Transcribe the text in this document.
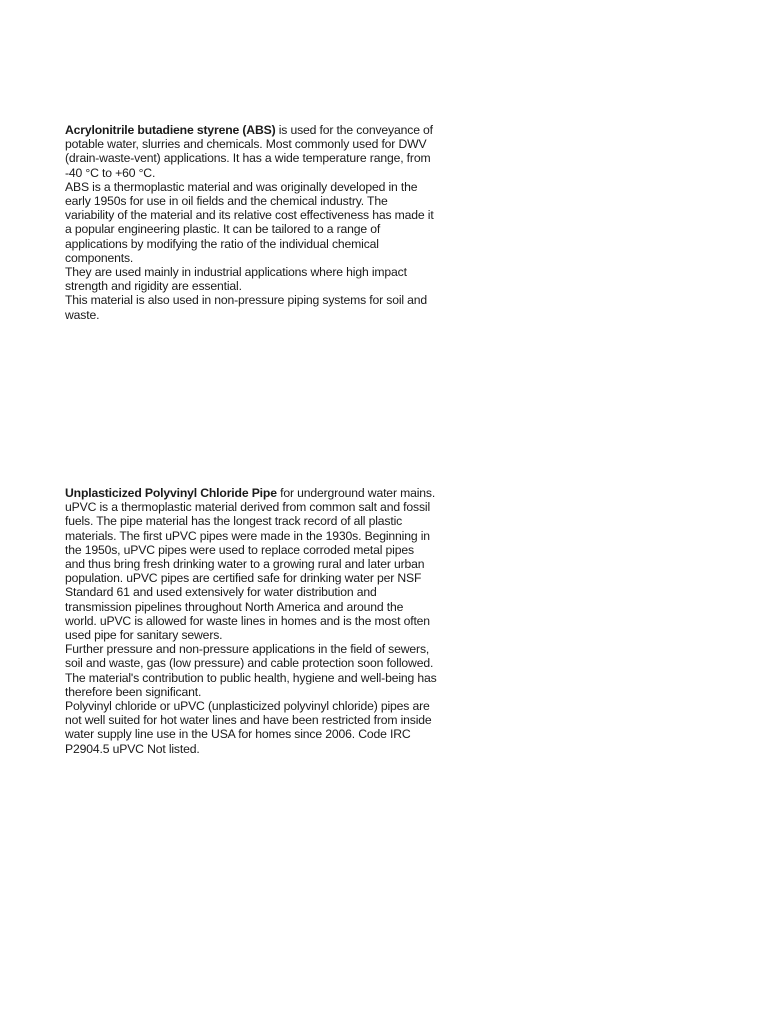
Acrylonitrile butadiene styrene (ABS) is used for the conveyance of potable water, slurries and chemicals. Most commonly used for DWV (drain-waste-vent) applications. It has a wide temperature range, from -40 °C to +60 °C.

ABS is a thermoplastic material and was originally developed in the early 1950s for use in oil fields and the chemical industry. The variability of the material and its relative cost effectiveness has made it a popular engineering plastic. It can be tailored to a range of applications by modifying the ratio of the individual chemical components.

They are used mainly in industrial applications where high impact strength and rigidity are essential.

This material is also used in non-pressure piping systems for soil and waste.

Unplasticized Polyvinyl Chloride Pipe for underground water mains. uPVC is a thermoplastic material derived from common salt and fossil fuels. The pipe material has the longest track record of all plastic materials. The first uPVC pipes were made in the 1930s. Beginning in the 1950s, uPVC pipes were used to replace corroded metal pipes and thus bring fresh drinking water to a growing rural and later urban population. uPVC pipes are certified safe for drinking water per NSF Standard 61 and used extensively for water distribution and transmission pipelines throughout North America and around the world. uPVC is allowed for waste lines in homes and is the most often used pipe for sanitary sewers.

Further pressure and non-pressure applications in the field of sewers, soil and waste, gas (low pressure) and cable protection soon followed. The material's contribution to public health, hygiene and well-being has therefore been significant.

Polyvinyl chloride or uPVC (unplasticized polyvinyl chloride) pipes are not well suited for hot water lines and have been restricted from inside water supply line use in the USA for homes since 2006. Code IRC P2904.5 uPVC Not listed.
